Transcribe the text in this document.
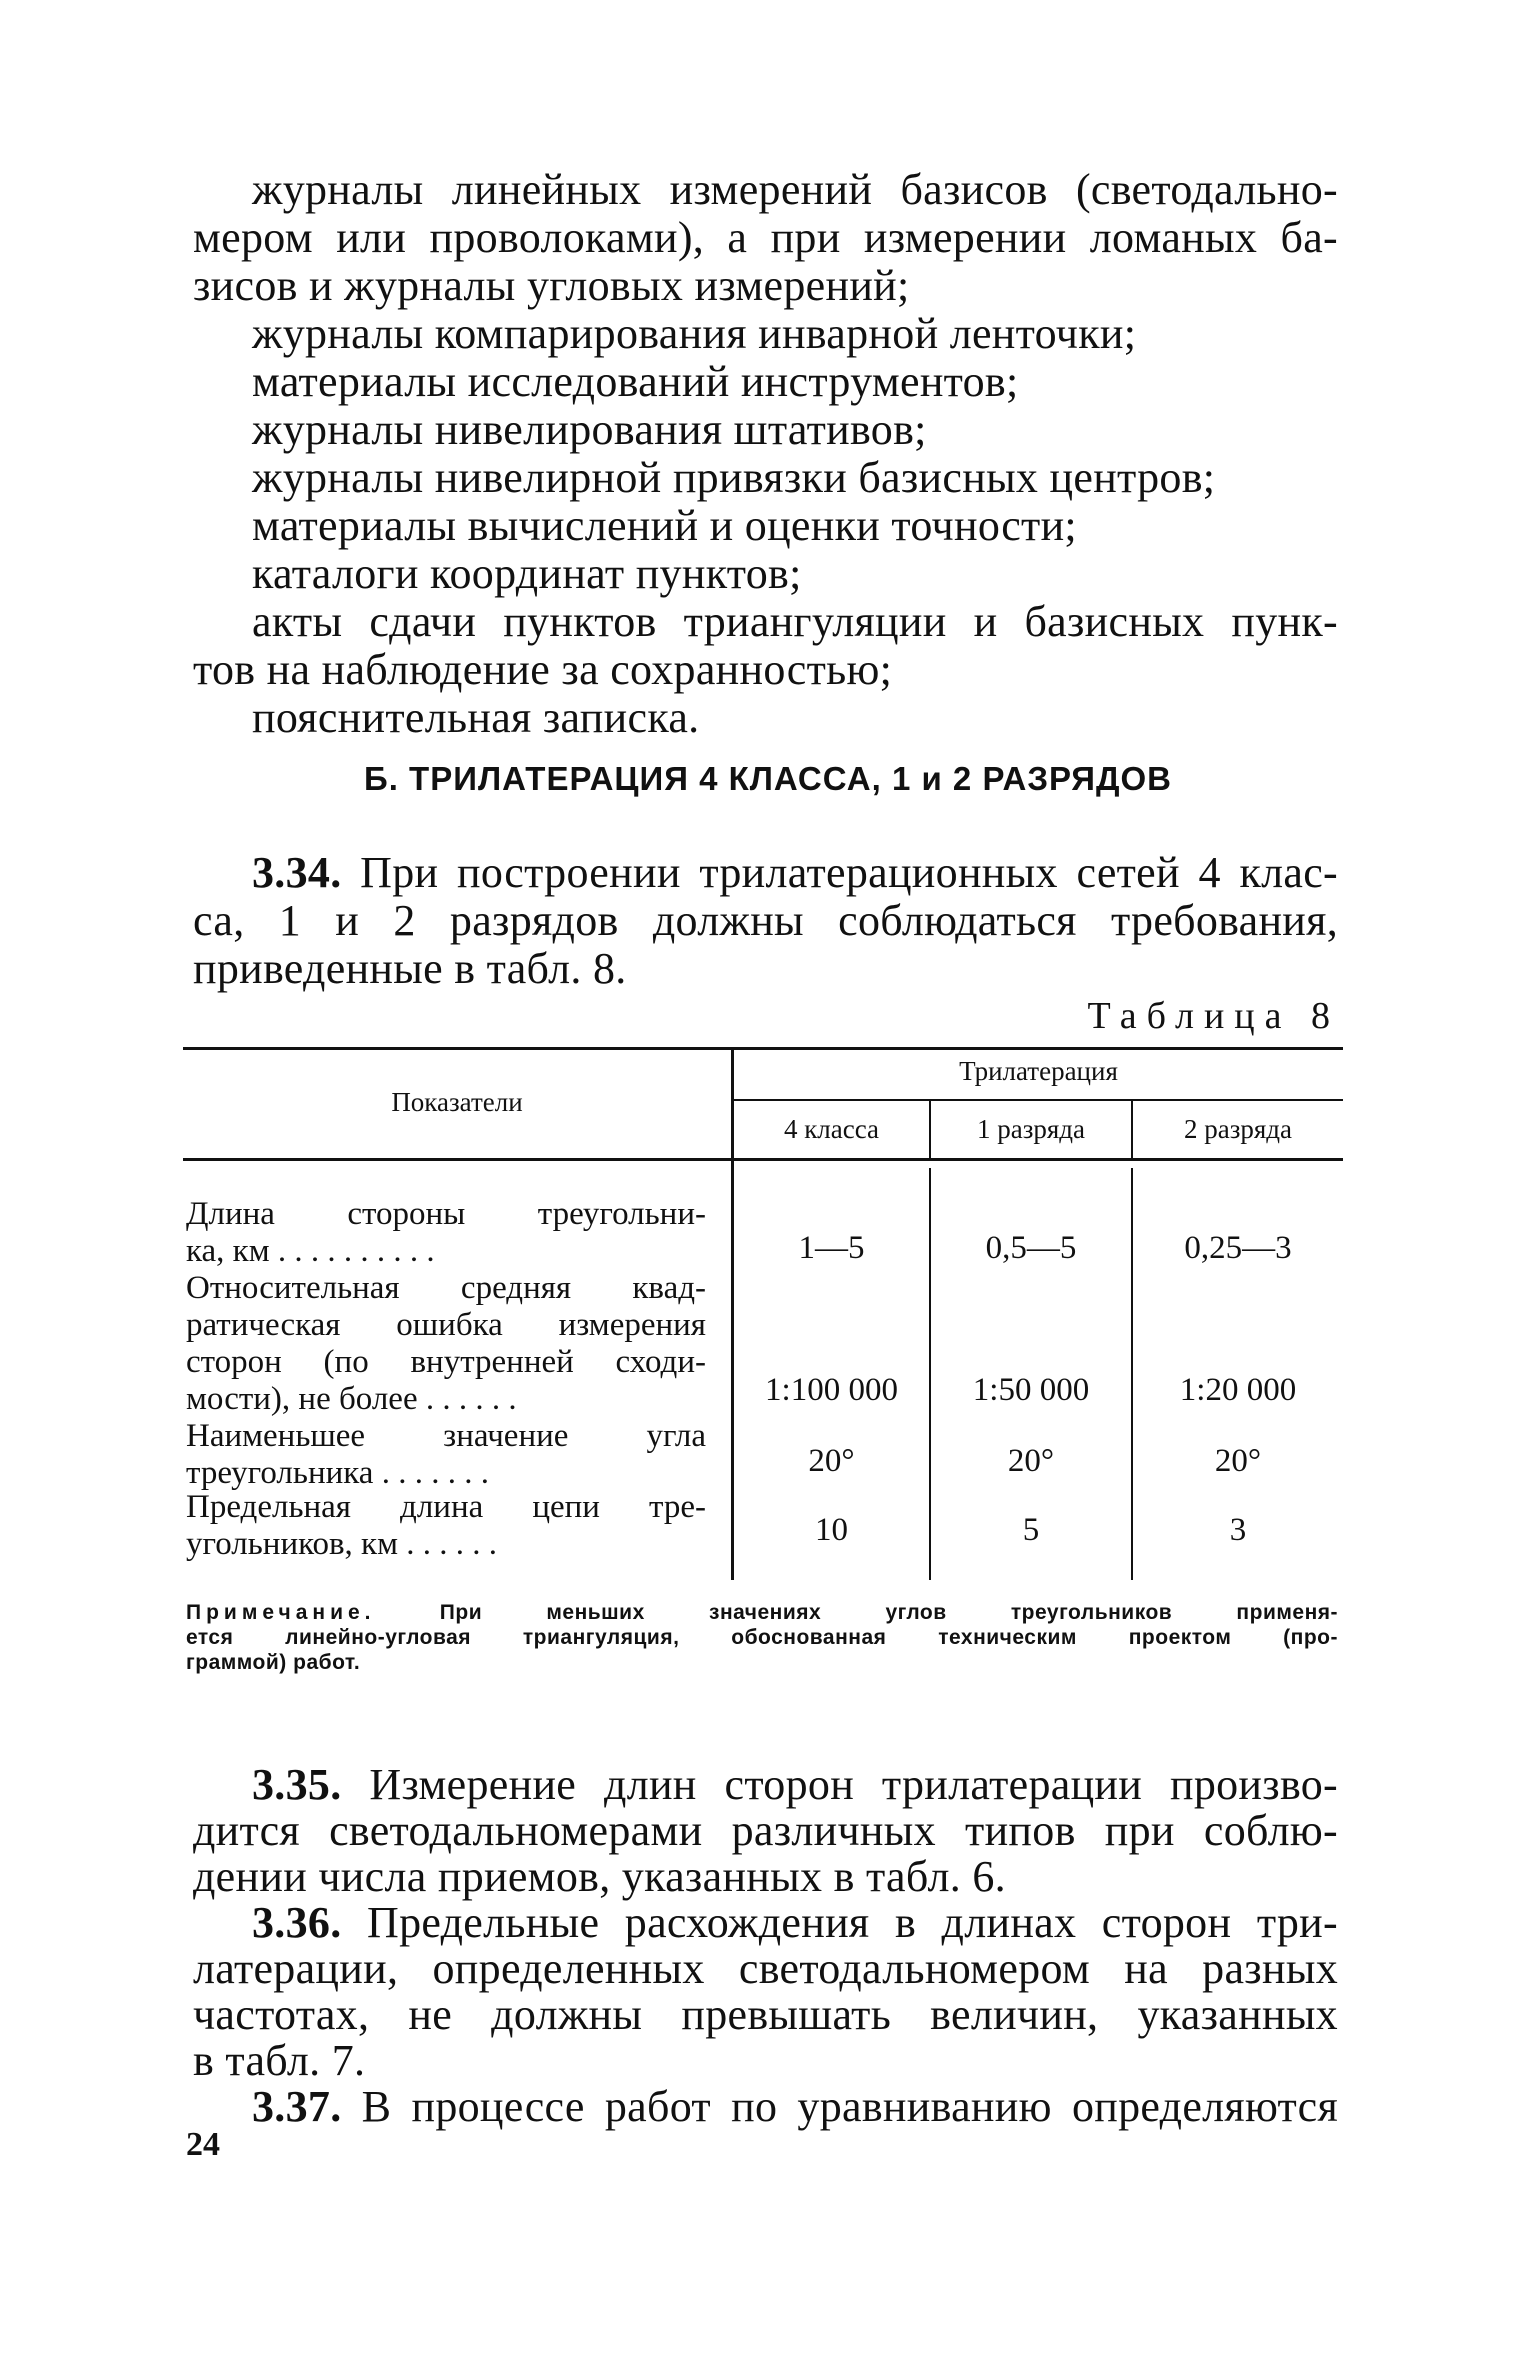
журналы линейных измерений базисов (светодально-
мером или проволоками), а при измерении ломаных ба-
зисов и журналы угловых измерений;
журналы компарирования инварной ленточки;
материалы исследований инструментов;
журналы нивелирования штативов;
журналы нивелирной привязки базисных центров;
материалы вычислений и оценки точности;
каталоги координат пунктов;
акты сдачи пунктов триангуляции и базисных пунк-
тов на наблюдение за сохранностью;
пояснительная записка.
Б. ТРИЛАТЕРАЦИЯ 4 КЛАССА, 1 и 2 РАЗРЯДОВ
3.34. При построении трилатерационных сетей 4 клас-
са, 1 и 2 разрядов должны соблюдаться требования,
приведенные в табл. 8.
Таблица 8
Показатели
Трилатерация
4 класса	1 разряда	2 разряда
Длина стороны треугольни-
ка, км . . . . . . . . . .	1—5	0,5—5	0,25—3
Относительная средняя квад-
ратическая ошибка измерения
сторон (по внутренней сходи-
мости), не более . . . . . .	1:100 000	1:50 000	1:20 000
Наименьшее значение угла
треугольника . . . . . . .	20°	20°	20°
Предельная длина цепи тре-
угольников, км . . . . . .	10	5	3
Примечание.	При меньших значениях углов треугольников применя-
ется линейно-угловая триангуляция, обоснованная техническим проектом (про-
граммой) работ.
3.35. Измерение длин сторон трилатерации произво-
дится светодальномерами различных типов при соблю-
дении числа приемов, указанных в табл. 6.
3.36. Предельные расхождения в длинах сторон три-
латерации, определенных светодальномером на разных
частотах, не должны превышать величин, указанных
в табл. 7.
3.37. В процессе работ по уравниванию определяются
24
